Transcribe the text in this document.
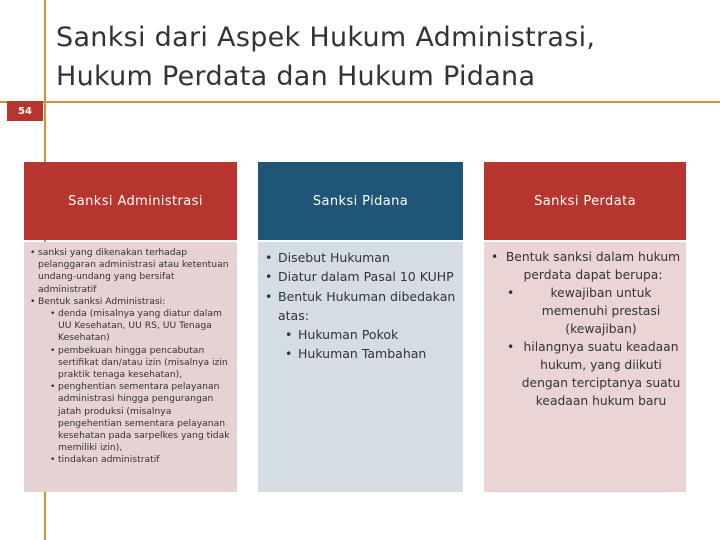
54
Sanksi dari Aspek Hukum Administrasi,
Hukum Perdata dan Hukum Pidana
Sanksi Administrasi
• sanksi yang dikenakan terhadap pelanggaran administrasi atau ketentuan undang-undang yang bersifat administratif
• Bentuk sanksi Administrasi:
• denda (misalnya yang diatur dalam UU Kesehatan, UU RS, UU Tenaga Kesehatan)
• pembekuan hingga pencabutan sertifikat dan/atau izin (misalnya izin praktik tenaga kesehatan),
• penghentian sementara pelayanan administrasi hingga pengurangan jatah produksi (misalnya pengehentian sementara pelayanan kesehatan pada sarpelkes yang tidak memiliki izin),
• tindakan administratif
Sanksi Pidana
• Disebut Hukuman
• Diatur dalam Pasal 10 KUHP
• Bentuk Hukuman dibedakan atas:
• Hukuman Pokok
• Hukuman Tambahan
Sanksi Perdata
• Bentuk sanksi dalam hukum perdata dapat berupa:
• kewajiban untuk memenuhi prestasi (kewajiban)
• hilangnya suatu keadaan hukum, yang diikuti dengan terciptanya suatu keadaan hukum baru
